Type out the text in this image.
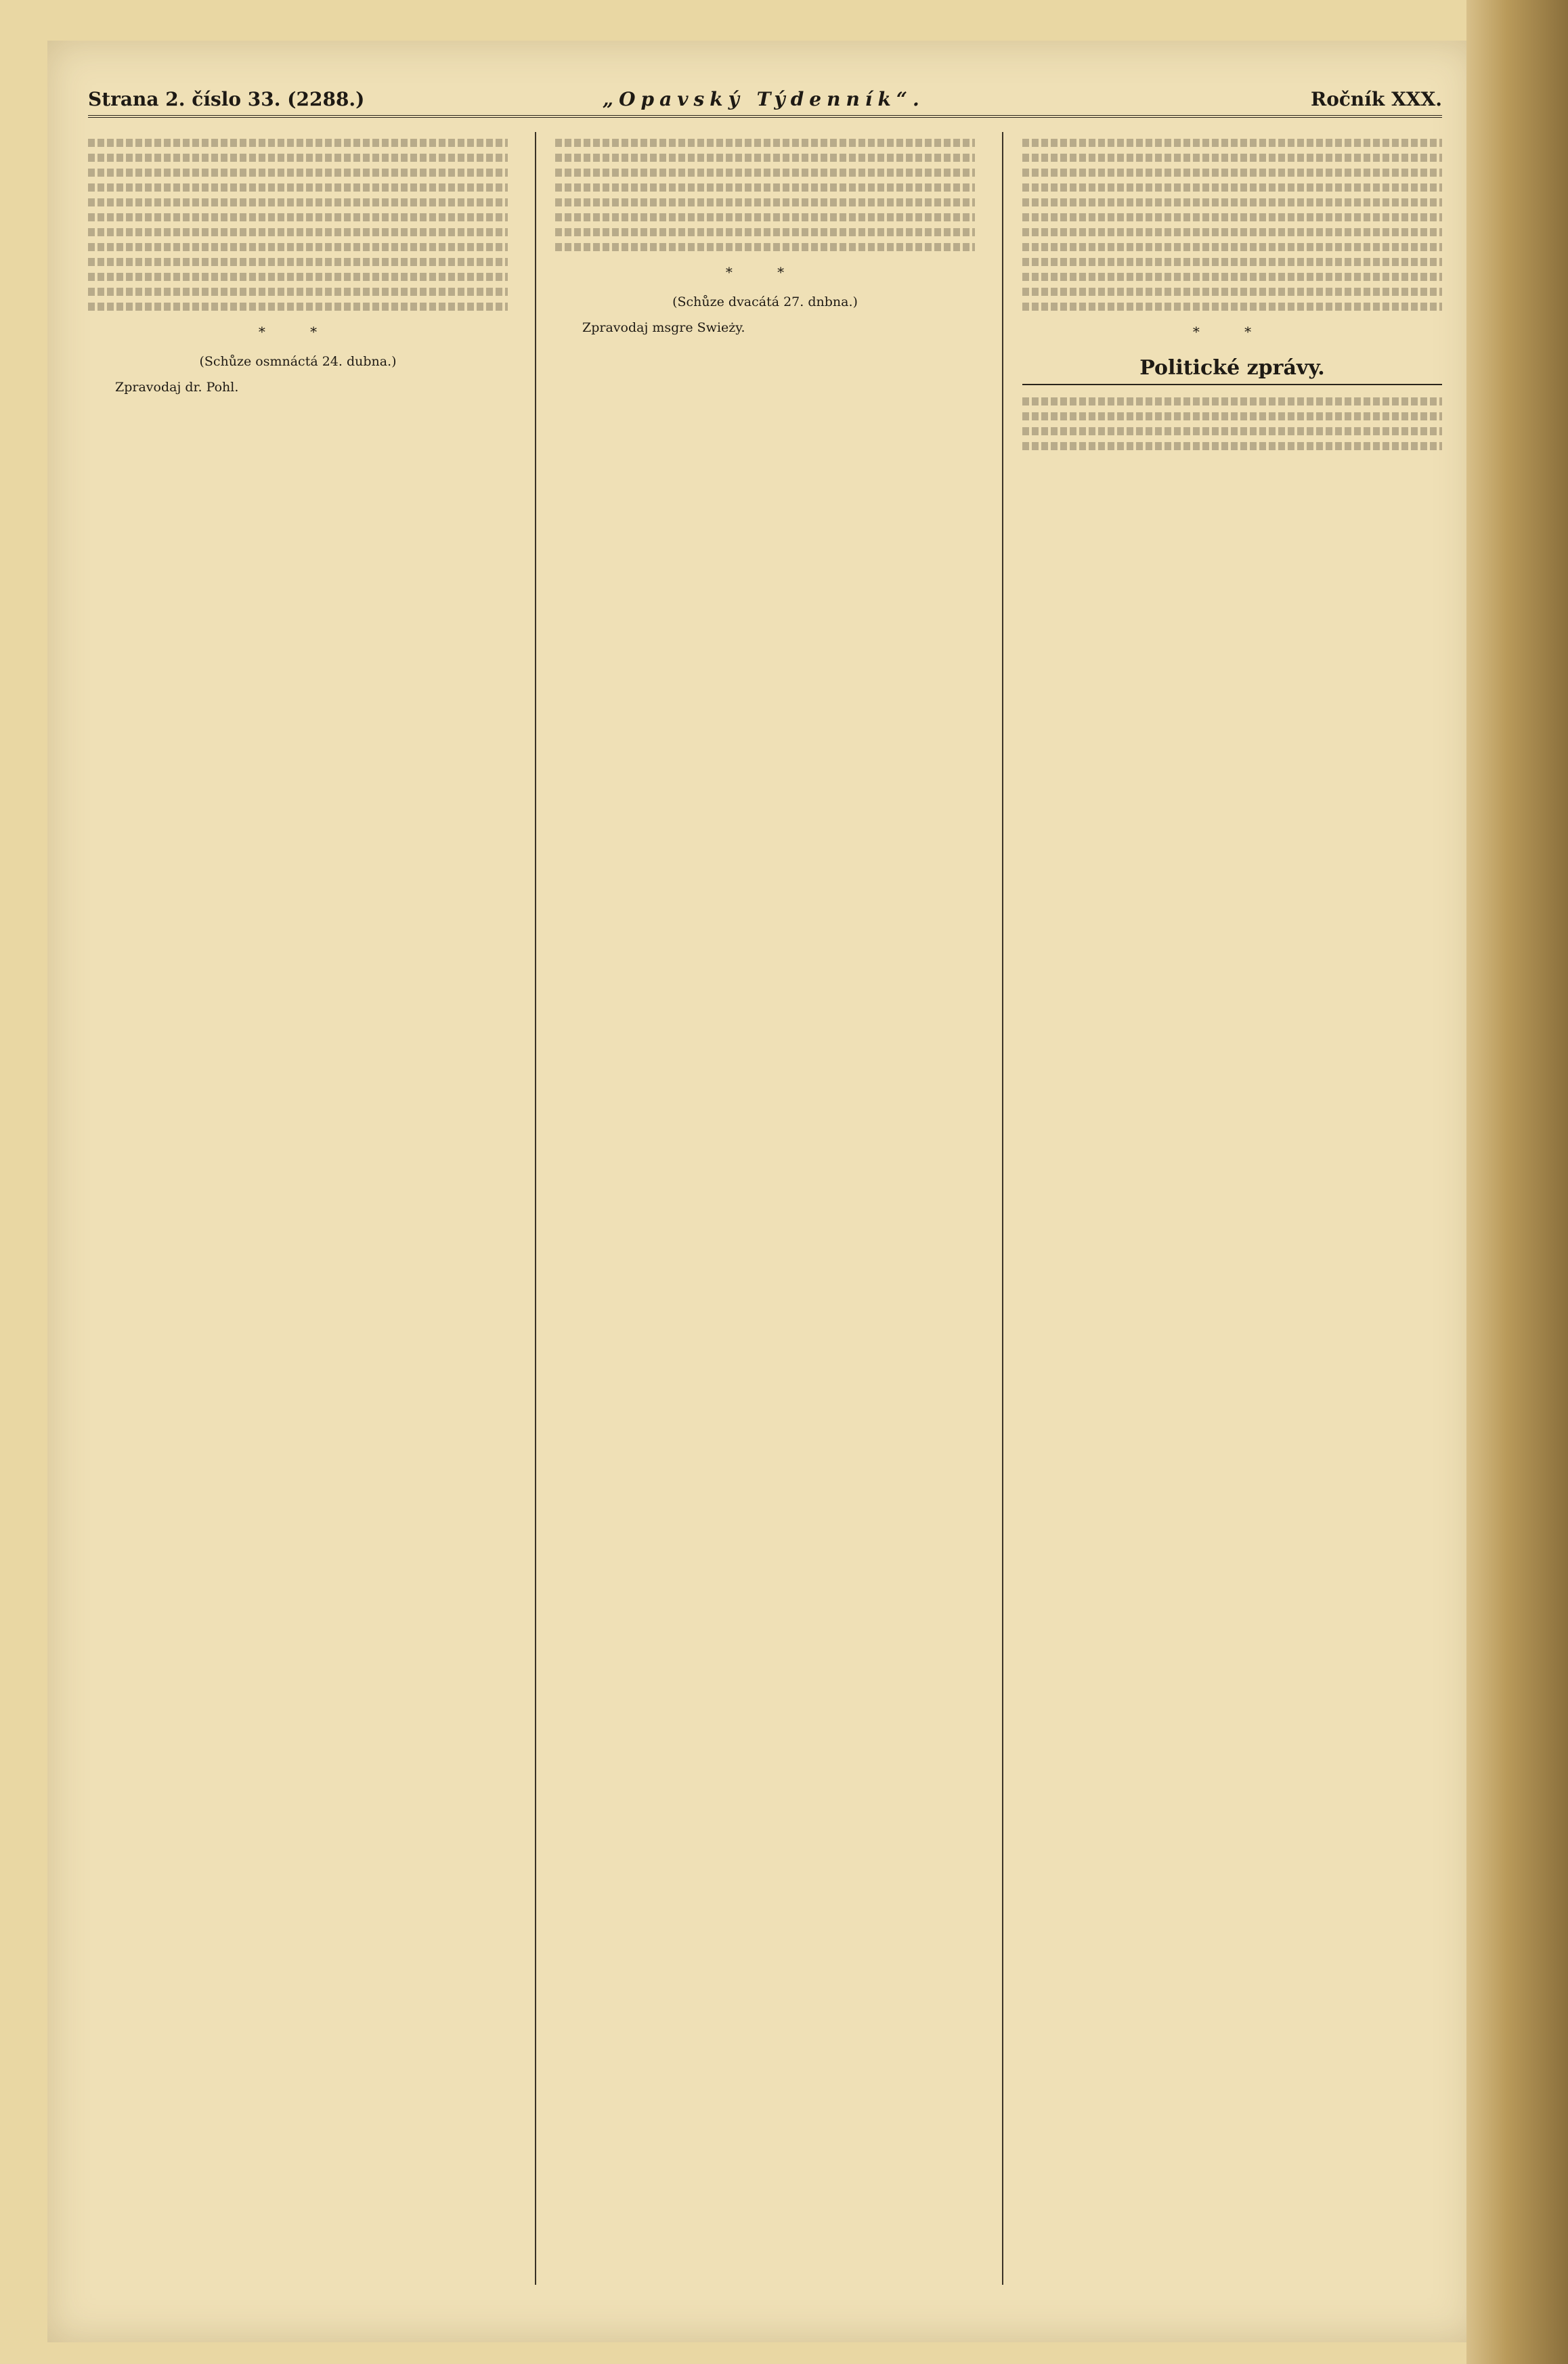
Strana 2. číslo 33. (2288.)	„Opavský Týdenník“.	Ročník XXX.
* *
(Schůze osmnáctá 24. dubna.)
Zpravodaj dr. Pohl.
* *
(Schůze dvacátá 27. dnbna.)
Zpravodaj msgre Swieży.	* *
Politické zprávy.
